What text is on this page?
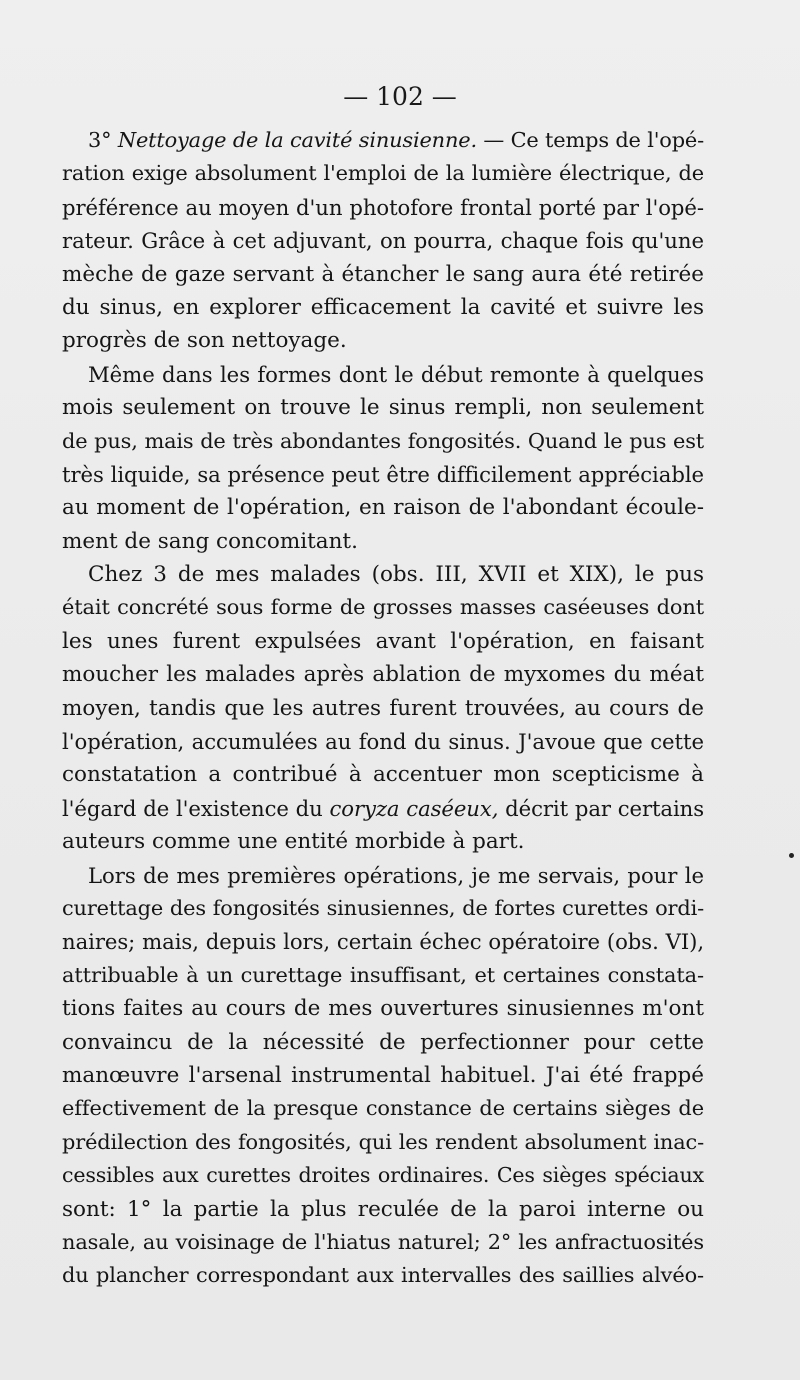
— 102 —
3° Nettoyage de la cavité sinusienne. — Ce temps de l'opé-
ration exige absolument l'emploi de la lumière électrique, de
préférence au moyen d'un photofore frontal porté par l'opé-
rateur. Grâce à cet adjuvant, on pourra, chaque fois qu'une
mèche de gaze servant à étancher le sang aura été retirée
du sinus, en explorer efficacement la cavité et suivre les
progrès de son nettoyage.
Même dans les formes dont le début remonte à quelques
mois seulement on trouve le sinus rempli, non seulement
de pus, mais de très abondantes fongosités. Quand le pus est
très liquide, sa présence peut être difficilement appréciable
au moment de l'opération, en raison de l'abondant écoule-
ment de sang concomitant.
Chez 3 de mes malades (obs. III, XVII et XIX), le pus
était concrété sous forme de grosses masses caséeuses dont
les unes furent expulsées avant l'opération, en faisant
moucher les malades après ablation de myxomes du méat
moyen, tandis que les autres furent trouvées, au cours de
l'opération, accumulées au fond du sinus. J'avoue que cette
constatation a contribué à accentuer mon scepticisme à
l'égard de l'existence du coryza caséeux, décrit par certains
auteurs comme une entité morbide à part.
Lors de mes premières opérations, je me servais, pour le
curettage des fongosités sinusiennes, de fortes curettes ordi-
naires; mais, depuis lors, certain échec opératoire (obs. VI),
attribuable à un curettage insuffisant, et certaines constata-
tions faites au cours de mes ouvertures sinusiennes m'ont
convaincu de la nécessité de perfectionner pour cette
manœuvre l'arsenal instrumental habituel. J'ai été frappé
effectivement de la presque constance de certains sièges de
prédilection des fongosités, qui les rendent absolument inac-
cessibles aux curettes droites ordinaires. Ces sièges spéciaux
sont: 1° la partie la plus reculée de la paroi interne ou
nasale, au voisinage de l'hiatus naturel; 2° les anfractuosités
du plancher correspondant aux intervalles des saillies alvéo-
